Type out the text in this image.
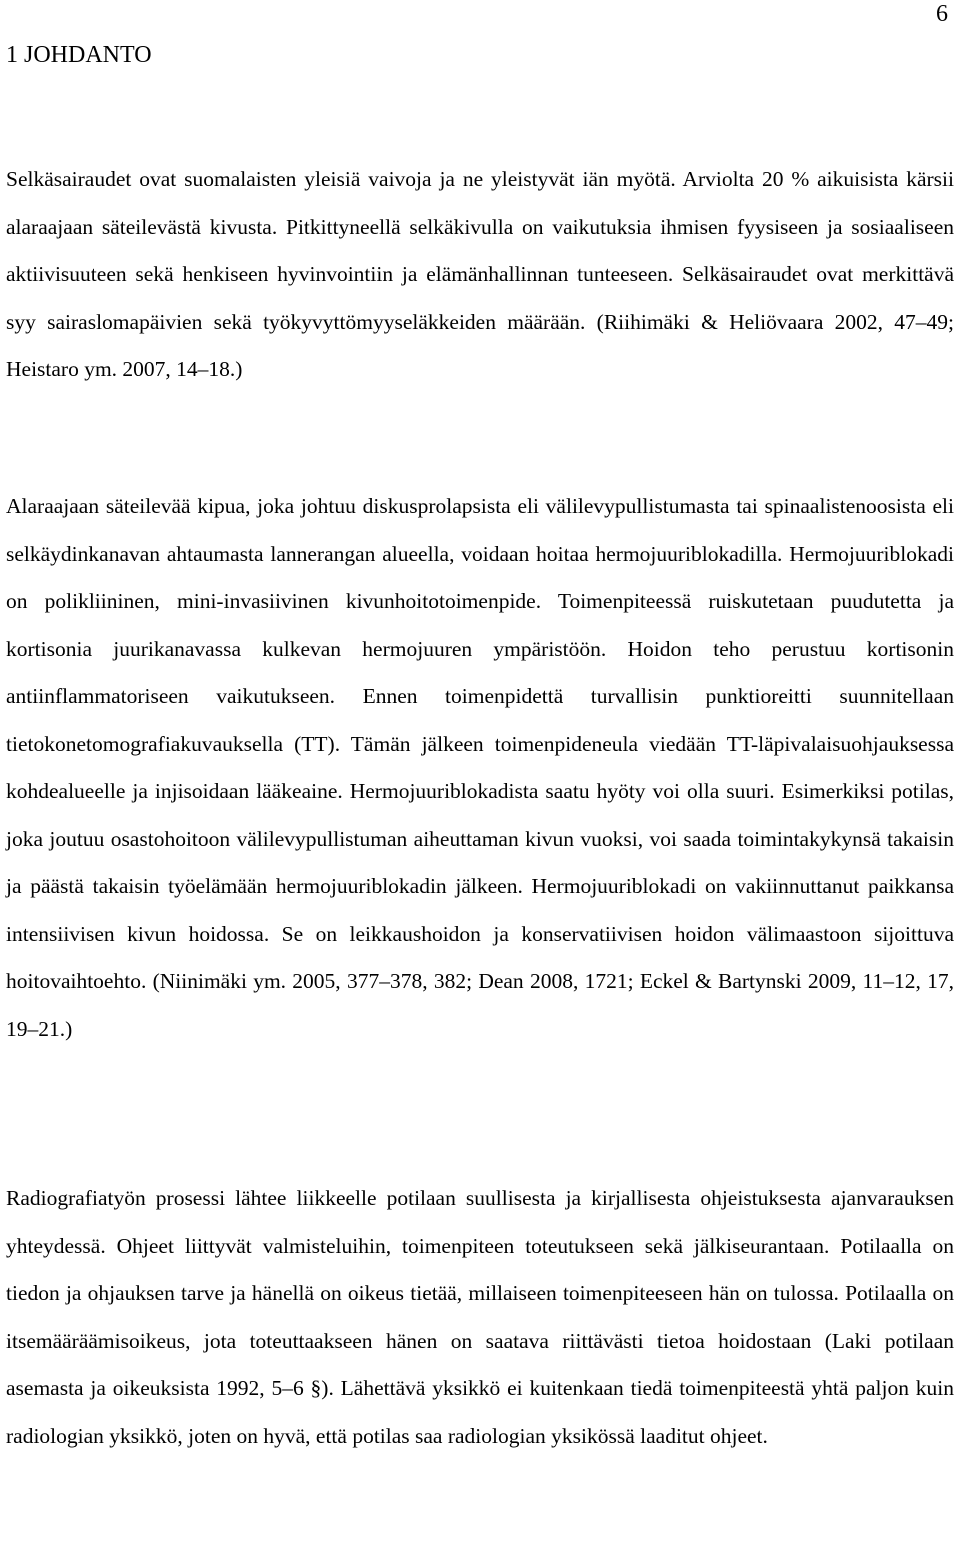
6
1 JOHDANTO

Selkäsairaudet ovat suomalaisten yleisiä vaivoja ja ne yleistyvät iän myötä. Arviolta 20 % aikuisista kärsii alaraajaan säteilevästä kivusta. Pitkittyneellä selkäkivulla on vaikutuksia ihmisen fyysiseen ja sosiaaliseen aktiivisuuteen sekä henkiseen hyvinvointiin ja elämänhallinnan tunteeseen. Selkäsairaudet ovat merkittävä syy sairaslomapäivien sekä työkyvyttömyyseläkkeiden määrään. (Riihimäki & Heliövaara 2002, 47–49; Heistaro ym. 2007, 14–18.)

Alaraajaan säteilevää kipua, joka johtuu diskusprolapsista eli välilevypullistumasta tai spinaalistenoosista eli selkäydinkanavan ahtaumasta lannerangan alueella, voidaan hoitaa hermojuuriblokadilla. Hermojuuriblokadi on polikliininen, mini-invasiivinen kivunhoitotoimenpide. Toimenpiteessä ruiskutetaan puudutetta ja kortisonia juurikanavassa kulkevan hermojuuren ympäristöön. Hoidon teho perustuu kortisonin antiinflammatoriseen vaikutukseen. Ennen toimenpidettä turvallisin punktioreitti suunnitellaan tietokonetomografiakuvauksella (TT). Tämän jälkeen toimenpideneula viedään TT-läpivalaisuohjauksessa kohdealueelle ja injisoidaan lääkeaine. Hermojuuriblokadista saatu hyöty voi olla suuri. Esimerkiksi potilas, joka joutuu osastohoitoon välilevypullistuman aiheuttaman kivun vuoksi, voi saada toimintakykynsä takaisin ja päästä takaisin työelämään hermojuuriblokadin jälkeen. Hermojuuriblokadi on vakiinnuttanut paikkansa intensiivisen kivun hoidossa. Se on leikkaushoidon ja konservatiivisen hoidon välimaastoon sijoittuva hoitovaihtoehto. (Niinimäki ym. 2005, 377–378, 382; Dean 2008, 1721; Eckel & Bartynski 2009, 11–12, 17, 19–21.)

Radiografiatyön prosessi lähtee liikkeelle potilaan suullisesta ja kirjallisesta ohjeistuksesta ajanvarauksen yhteydessä. Ohjeet liittyvät valmisteluihin, toimenpiteen toteutukseen sekä jälkiseurantaan. Potilaalla on tiedon ja ohjauksen tarve ja hänellä on oikeus tietää, millaiseen toimenpiteeseen hän on tulossa. Potilaalla on itsemääräämisoikeus, jota toteuttaakseen hänen on saatava riittävästi tietoa hoidostaan (Laki potilaan asemasta ja oikeuksista 1992, 5–6 §). Lähettävä yksikkö ei kuitenkaan tiedä toimenpiteestä yhtä paljon kuin radiologian yksikkö, joten on hyvä, että potilas saa radiologian yksikössä laaditut ohjeet.
